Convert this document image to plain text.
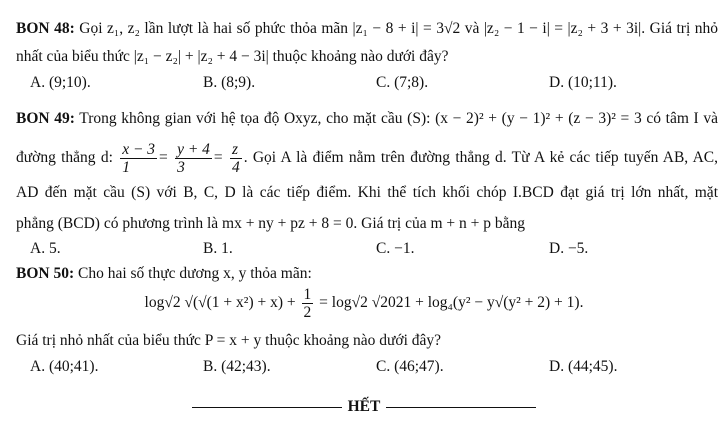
BON 48: Gọi z₁, z₂ lần lượt là hai số phức thỏa mãn |z₁ − 8 + i| = 3√2 và |z₂ − 1 − i| = |z₂ + 3 + 3i|. Giá trị nhỏ
nhất của biểu thức |z₁ − z₂| + |z₂ + 4 − 3i| thuộc khoảng nào dưới đây?
A. (9;10).	B. (8;9).	C. (7;8).	D. (10;11).
BON 49: Trong không gian với hệ tọa độ Oxyz, cho mặt cầu (S): (x − 2)² + (y − 1)² + (z − 3)² = 3 có tâm I và
đường thẳng d: $\frac{x - 3}{1} = \frac{y + 4}{3} = \frac{z}{4}$ . Gọi A là điểm nằm trên đường thẳng d. Từ A kẻ các tiếp tuyến AB, AC,
AD đến mặt cầu (S) với B, C, D là các tiếp điểm. Khi thể tích khối chóp I.BCD đạt giá trị lớn nhất, mặt
phẳng (BCD) có phương trình là mx + ny + pz + 8 = 0. Giá trị của m + n + p bằng
A. 5.	B. 1.	C. −1.	D. −5.
BON 50: Cho hai số thực dương x, y thỏa mãn:
log√2 $√(√(1 + x^2) + x) + \frac{1}{2} = \log√2$ √2021 + log₄(y² − y√(y² + 2) + 1).
Giá trị nhỏ nhất của biểu thức P = x + y thuộc khoảng nào dưới đây?
A. (40;41).	B. (42;43).	C. (46;47).	D. (44;45).
HẾT
